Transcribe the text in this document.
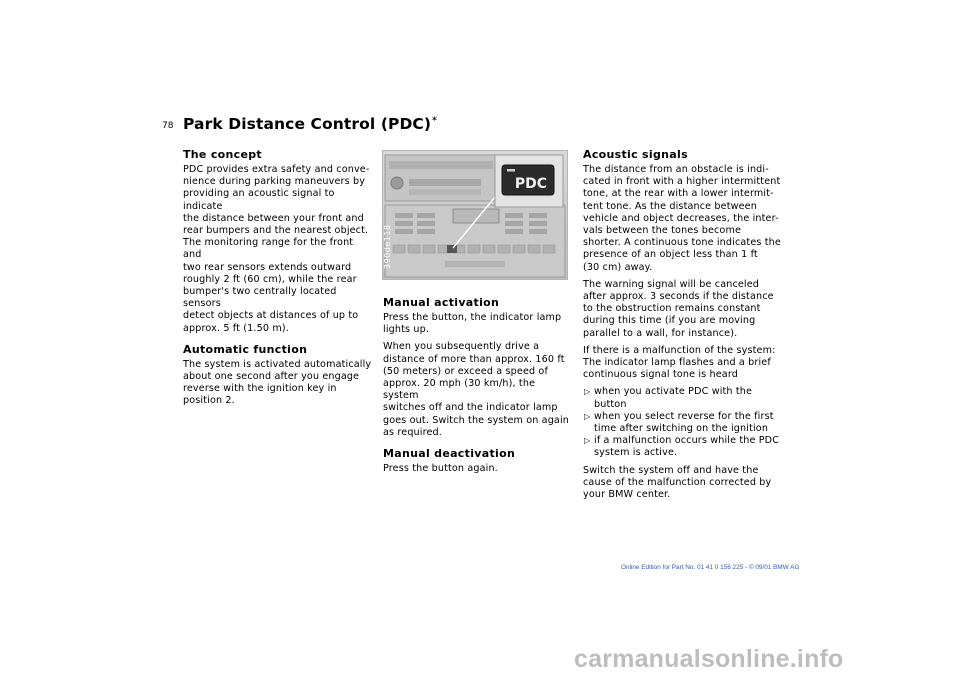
78 Park Distance Control (PDC)*
The concept

PDC provides extra safety and conve-
nience during parking maneuvers by
providing an acoustic signal to indicate
the distance between your front and
rear bumpers and the nearest object.
The monitoring range for the front and
two rear sensors extends outward
roughly 2 ft (60 cm), while the rear
bumper's two centrally located sensors
detect objects at distances of up to
approx. 5 ft (1.50 m).

Automatic function

The system is activated automatically
about one second after you engage
reverse with the ignition key in
position 2.

PDC
390de118
Manual activation

Press the button, the indicator lamp
lights up.

When you subsequently drive a
distance of more than approx. 160 ft
(50 meters) or exceed a speed of
approx. 20 mph (30 km/h), the system
switches off and the indicator lamp
goes out. Switch the system on again
as required.

Manual deactivation

Press the button again.

Acoustic signals

The distance from an obstacle is indi-
cated in front with a higher intermittent
tone, at the rear with a lower intermit-
tent tone. As the distance between
vehicle and object decreases, the inter-
vals between the tones become
shorter. A continuous tone indicates the
presence of an object less than 1 ft
(30 cm) away.

The warning signal will be canceled
after approx. 3 seconds if the distance
to the obstruction remains constant
during this time (if you are moving
parallel to a wall, for instance).

If there is a malfunction of the system:
The indicator lamp flashes and a brief
continuous signal tone is heard

▷ when you activate PDC with the
button
▷ when you select reverse for the first
time after switching on the ignition
▷ if a malfunction occurs while the PDC
system is active.

Switch the system off and have the
cause of the malfunction corrected by
your BMW center.

Online Edition for Part No. 01 41 0 156 225 - © 09/01 BMW AG
carmanualsonline.info
